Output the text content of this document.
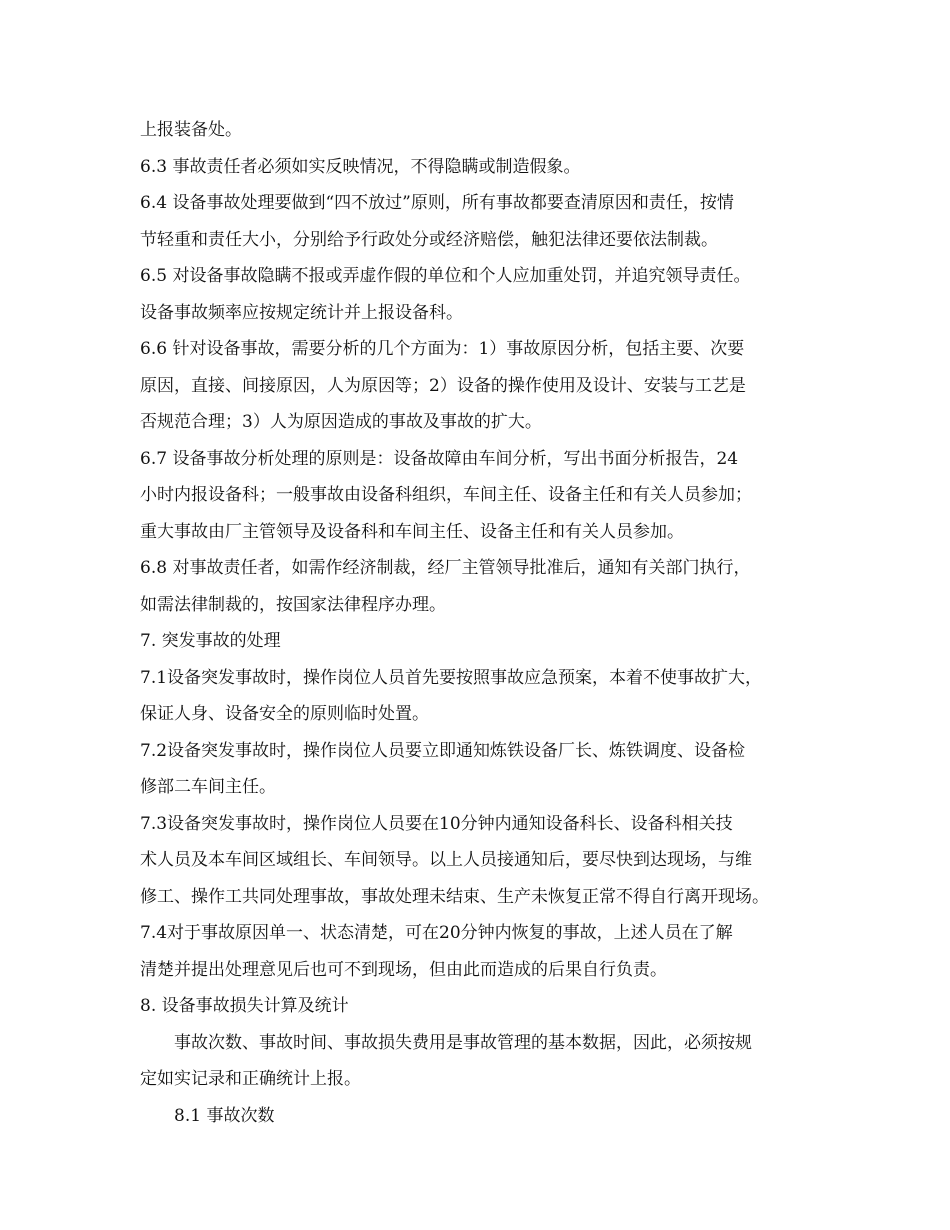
上报装备处。
6.3 事故责任者必须如实反映情况，不得隐瞒或制造假象。
6.4 设备事故处理要做到“四不放过”原则，所有事故都要查清原因和责任，按情
节轻重和责任大小，分别给予行政处分或经济赔偿，触犯法律还要依法制裁。
6.5 对设备事故隐瞒不报或弄虚作假的单位和个人应加重处罚，并追究领导责任。
设备事故频率应按规定统计并上报设备科。
6.6 针对设备事故，需要分析的几个方面为：1）事故原因分析，包括主要、次要
原因，直接、间接原因，人为原因等；2）设备的操作使用及设计、安装与工艺是
否规范合理；3）人为原因造成的事故及事故的扩大。
6.7 设备事故分析处理的原则是：设备故障由车间分析，写出书面分析报告，24
小时内报设备科；一般事故由设备科组织，车间主任、设备主任和有关人员参加；
重大事故由厂主管领导及设备科和车间主任、设备主任和有关人员参加。
6.8 对事故责任者，如需作经济制裁，经厂主管领导批准后，通知有关部门执行，
如需法律制裁的，按国家法律程序办理。
7. 突发事故的处理
7.1设备突发事故时，操作岗位人员首先要按照事故应急预案，本着不使事故扩大，
保证人身、设备安全的原则临时处置。
7.2设备突发事故时，操作岗位人员要立即通知炼铁设备厂长、炼铁调度、设备检
修部二车间主任。
7.3设备突发事故时，操作岗位人员要在10分钟内通知设备科长、设备科相关技
术人员及本车间区域组长、车间领导。以上人员接通知后，要尽快到达现场，与维
修工、操作工共同处理事故，事故处理未结束、生产未恢复正常不得自行离开现场。
7.4对于事故原因单一、状态清楚，可在20分钟内恢复的事故，上述人员在了解
清楚并提出处理意见后也可不到现场，但由此而造成的后果自行负责。
8. 设备事故损失计算及统计
事故次数、事故时间、事故损失费用是事故管理的基本数据，因此，必须按规
定如实记录和正确统计上报。
8.1 事故次数
